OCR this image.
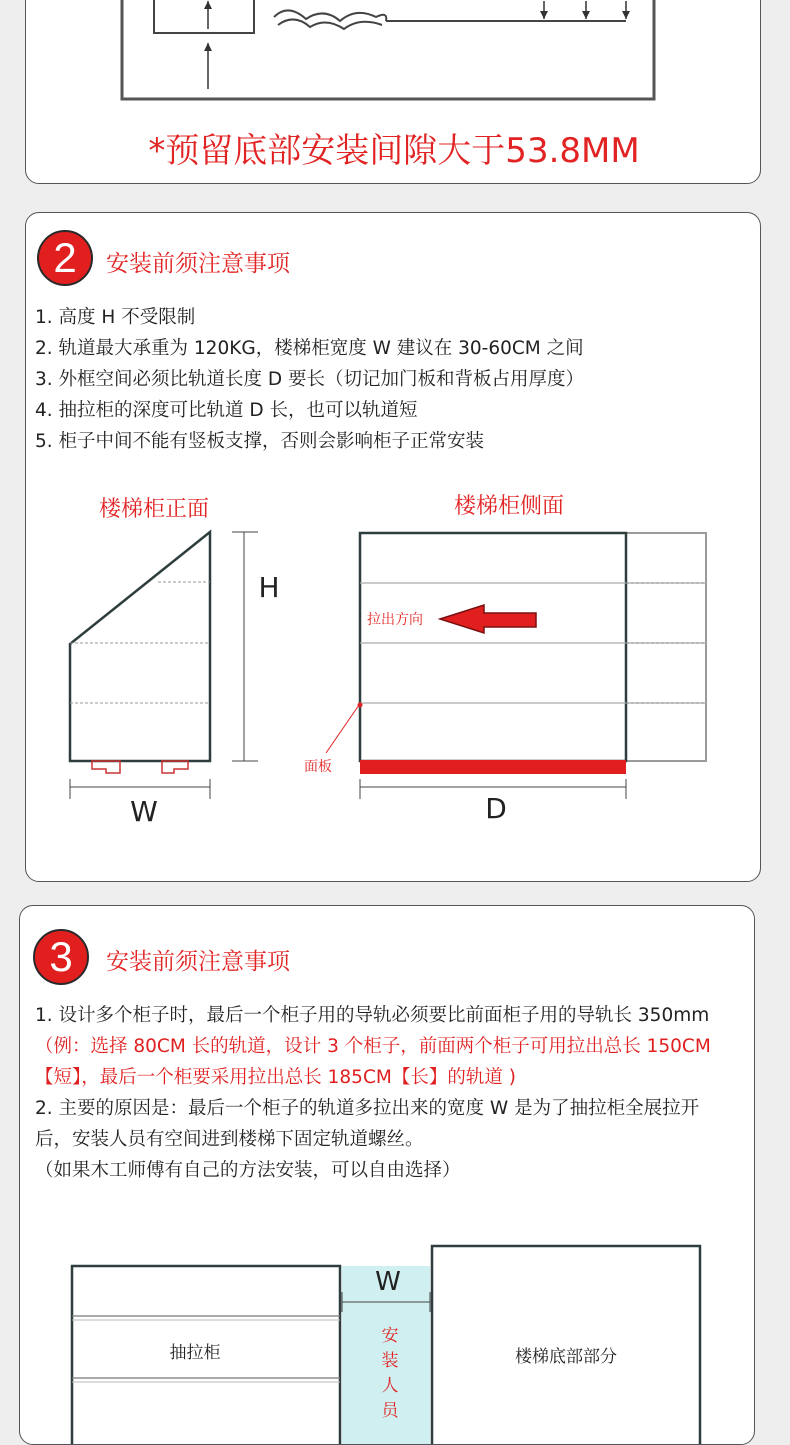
*预留底部安装间隙大于53.8MM
2	安装前须注意事项
1. 高度 H 不受限制
2. 轨道最大承重为 120KG，楼梯柜宽度 W 建议在 30-60CM 之间
3. 外框空间必须比轨道长度 D 要长（切记加门板和背板占用厚度）
4. 抽拉柜的深度可比轨道 D 长，也可以轨道短
5. 柜子中间不能有竖板支撑，否则会影响柜子正常安装
楼梯柜正面	楼梯柜侧面
H
W
拉出方向
面板
D
3	安装前须注意事项
1. 设计多个柜子时，最后一个柜子用的导轨必须要比前面柜子用的导轨长 350mm
（例：选择 80CM 长的轨道，设计 3 个柜子，前面两个柜子可用拉出总长 150CM
【短】，最后一个柜要采用拉出总长 185CM【长】的轨道 )
2. 主要的原因是：最后一个柜子的轨道多拉出来的宽度 W 是为了抽拉柜全展拉开
后，安装人员有空间进到楼梯下固定轨道螺丝。
（如果木工师傅有自己的方法安装，可以自由选择）
W
抽拉柜	楼梯底部部分
安
装
人
员
